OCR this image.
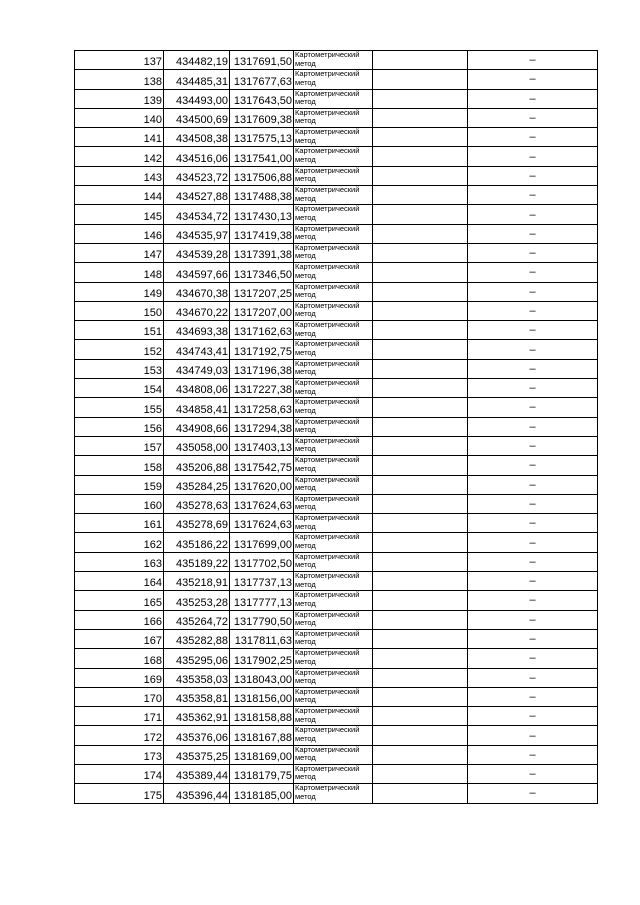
137	434482,19	1317691,50	Картометрический метод		–
138	434485,31	1317677,63	Картометрический метод		–
139	434493,00	1317643,50	Картометрический метод		–
140	434500,69	1317609,38	Картометрический метод		–
141	434508,38	1317575,13	Картометрический метод		–
142	434516,06	1317541,00	Картометрический метод		–
143	434523,72	1317506,88	Картометрический метод		–
144	434527,88	1317488,38	Картометрический метод		–
145	434534,72	1317430,13	Картометрический метод		–
146	434535,97	1317419,38	Картометрический метод		–
147	434539,28	1317391,38	Картометрический метод		–
148	434597,66	1317346,50	Картометрический метод		–
149	434670,38	1317207,25	Картометрический метод		–
150	434670,22	1317207,00	Картометрический метод		–
151	434693,38	1317162,63	Картометрический метод		–
152	434743,41	1317192,75	Картометрический метод		–
153	434749,03	1317196,38	Картометрический метод		–
154	434808,06	1317227,38	Картометрический метод		–
155	434858,41	1317258,63	Картометрический метод		–
156	434908,66	1317294,38	Картометрический метод		–
157	435058,00	1317403,13	Картометрический метод		–
158	435206,88	1317542,75	Картометрический метод		–
159	435284,25	1317620,00	Картометрический метод		–
160	435278,63	1317624,63	Картометрический метод		–
161	435278,69	1317624,63	Картометрический метод		–
162	435186,22	1317699,00	Картометрический метод		–
163	435189,22	1317702,50	Картометрический метод		–
164	435218,91	1317737,13	Картометрический метод		–
165	435253,28	1317777,13	Картометрический метод		–
166	435264,72	1317790,50	Картометрический метод		–
167	435282,88	1317811,63	Картометрический метод		–
168	435295,06	1317902,25	Картометрический метод		–
169	435358,03	1318043,00	Картометрический метод		–
170	435358,81	1318156,00	Картометрический метод		–
171	435362,91	1318158,88	Картометрический метод		–
172	435376,06	1318167,88	Картометрический метод		–
173	435375,25	1318169,00	Картометрический метод		–
174	435389,44	1318179,75	Картометрический метод		–
175	435396,44	1318185,00	Картометрический метод		–
